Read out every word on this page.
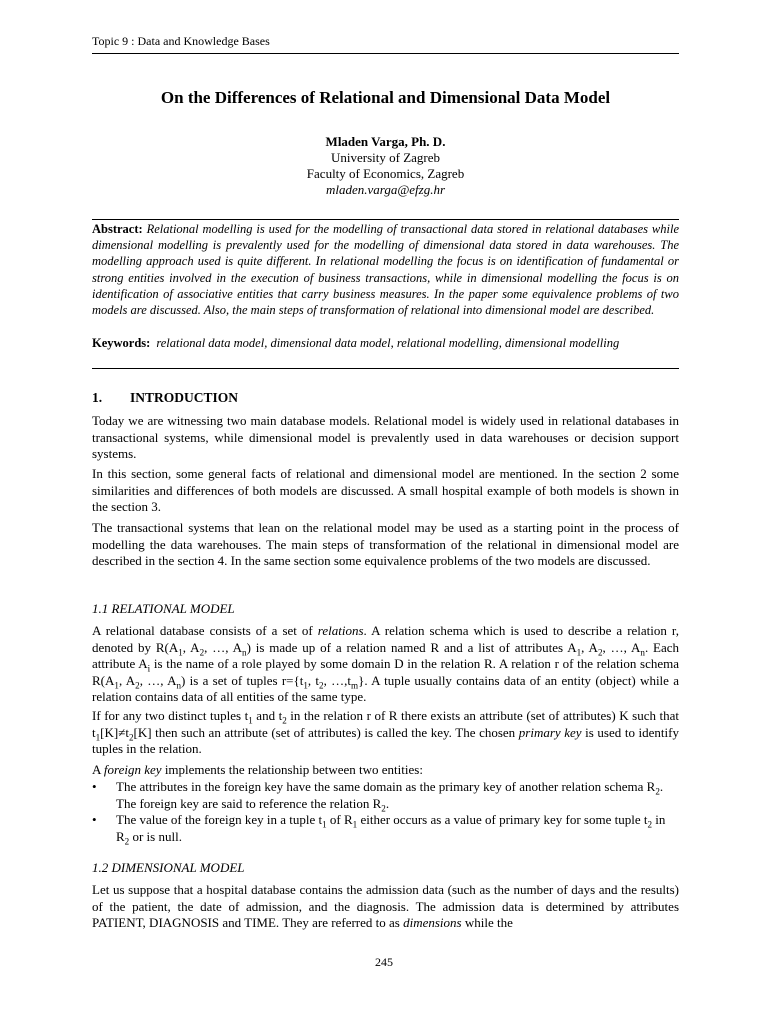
Topic 9 : Data and Knowledge Bases
On the Differences of Relational and Dimensional Data Model
Mladen Varga, Ph. D.
University of Zagreb
Faculty of Economics, Zagreb
mladen.varga@efzg.hr
Abstract: Relational modelling is used for the modelling of transactional data stored in relational databases while dimensional modelling is prevalently used for the modelling of dimensional data stored in data warehouses. The modelling approach used is quite different. In relational modelling the focus is on identification of fundamental or strong entities involved in the execution of business transactions, while in dimensional modelling the focus is on identification of associative entities that carry business measures. In the paper some equivalence problems of two models are discussed. Also, the main steps of transformation of relational into dimensional model are described.
Keywords: relational data model, dimensional data model, relational modelling, dimensional modelling
1. INTRODUCTION
Today we are witnessing two main database models. Relational model is widely used in relational databases in transactional systems, while dimensional model is prevalently used in data warehouses or decision support systems.
In this section, some general facts of relational and dimensional model are mentioned. In the section 2 some similarities and differences of both models are discussed. A small hospital example of both models is shown in the section 3.
The transactional systems that lean on the relational model may be used as a starting point in the process of modelling the data warehouses. The main steps of transformation of the relational in dimensional model are described in the section 4. In the same section some equivalence problems of the two models are discussed.
1.1 RELATIONAL MODEL
A relational database consists of a set of relations. A relation schema which is used to describe a relation r, denoted by $R(A_1$, $A_2$, …, $A_n$) is made up of a relation named R and a list of attributes $A_1$, $A_2$, …, $A_n$. Each attribute $A_i$ is the name of a role played by some domain D in the relation R. A relation r of the relation schema $R(A_1$, $A_2$, …, $A_n$) is a set of tuples $r=\{t_1$, $t_2$, $\dots,t_m$}. A tuple usually contains data of an entity (object) while a relation contains data of all entities of the same type.
If for any two distinct tuples $t_1$ and $t_2$ in the relation r of R there exists an attribute (set of attributes) K such that $t_1[K]\ne t_2[K]$ then such an attribute (set of attributes) is called the key. The chosen primary key is used to identify tuples in the relation.
A foreign key implements the relationship between two entities:
•	The attributes in the foreign key have the same domain as the primary key of another relation schema $R_2$. The foreign key are said to reference the relation $R_2$.
•	The value of the foreign key in a tuple $t_1$ of $R_1$ either occurs as a value of primary key for some tuple $t_2$ in $R_2$ or is null.
1.2 DIMENSIONAL MODEL
Let us suppose that a hospital database contains the admission data (such as the number of days and the results) of the patient, the date of admission, and the diagnosis. The admission data is determined by attributes PATIENT, DIAGNOSIS and TIME. They are referred to as dimensions while the
245
